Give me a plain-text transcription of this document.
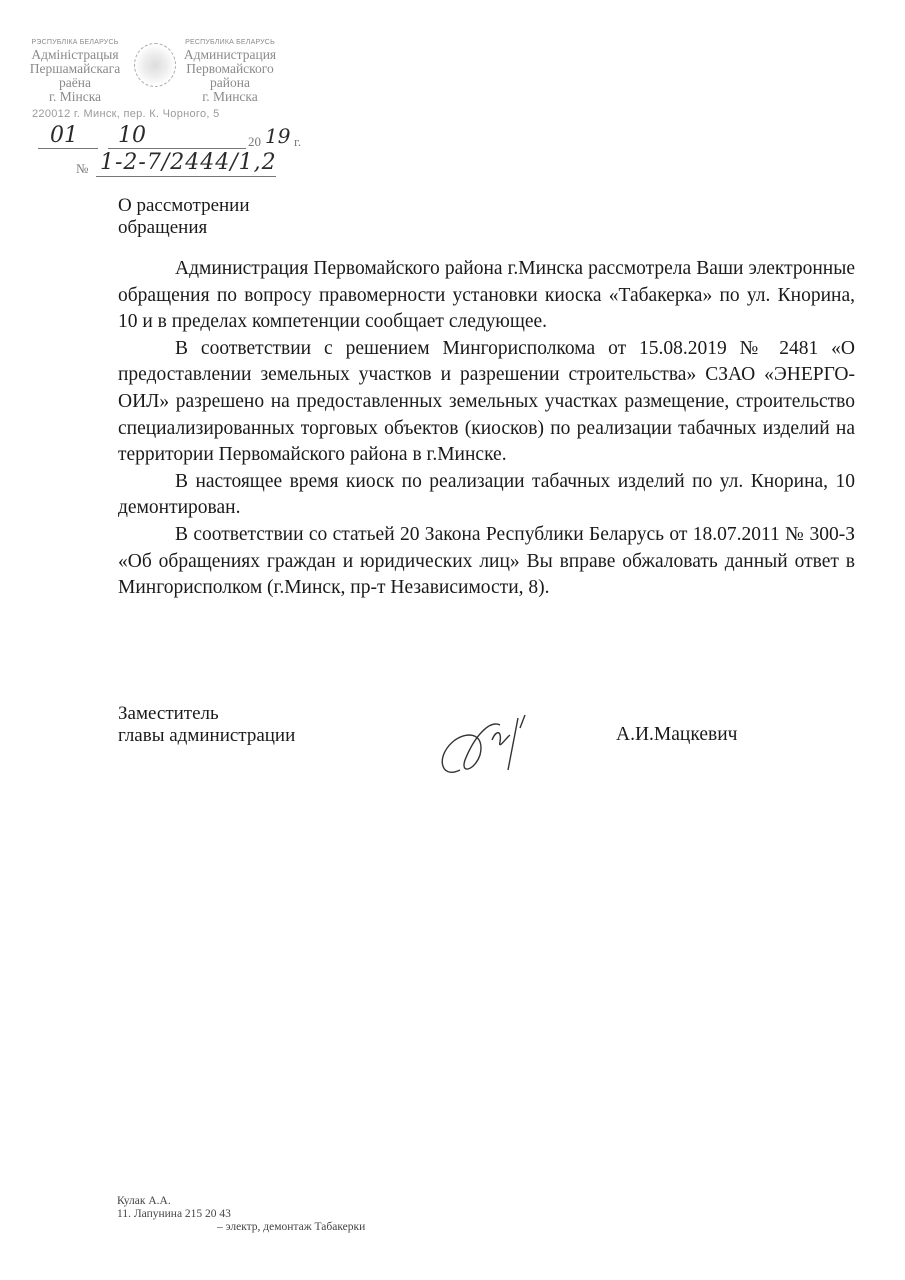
РЭСПУБЛІКА БЕЛАРУСЬ
Адміністрацыя
Першамайскага
раёна
г. Мінска
РЕСПУБЛИКА БЕЛАРУСЬ
Администрация
Первомайского
района
г. Минска
220012 г. Минск, пер. К. Чорного, 5
01 10	20 19 г.
№ 1-2-7/2444/1,2
О рассмотрении
обращения

Администрация Первомайского района г.Минска рассмотрела Ваши электронные обращения по вопросу правомерности установки киоска «Табакерка» по ул. Кнорина, 10 и в пределах компетенции сообщает следующее.

В соответствии с решением Мингорисполкома от 15.08.2019 № 2481 «О предоставлении земельных участков и разрешении строительства» СЗАО «ЭНЕРГО-ОИЛ» разрешено на предоставленных земельных участках размещение, строительство специализированных торговых объектов (киосков) по реализации табачных изделий на территории Первомайского района в г.Минске.

В настоящее время киоск по реализации табачных изделий по ул. Кнорина, 10 демонтирован.

В соответствии со статьей 20 Закона Республики Беларусь от 18.07.2011 № 300-З «Об обращениях граждан и юридических лиц» Вы вправе обжаловать данный ответ в Мингорисполком (г.Минск, пр-т Независимости, 8).

Заместитель
главы администрации	А.И.Мацкевич
Кулак А.А.
11. Лапунина 215 20 43
– электр, демонтаж Табакерки
